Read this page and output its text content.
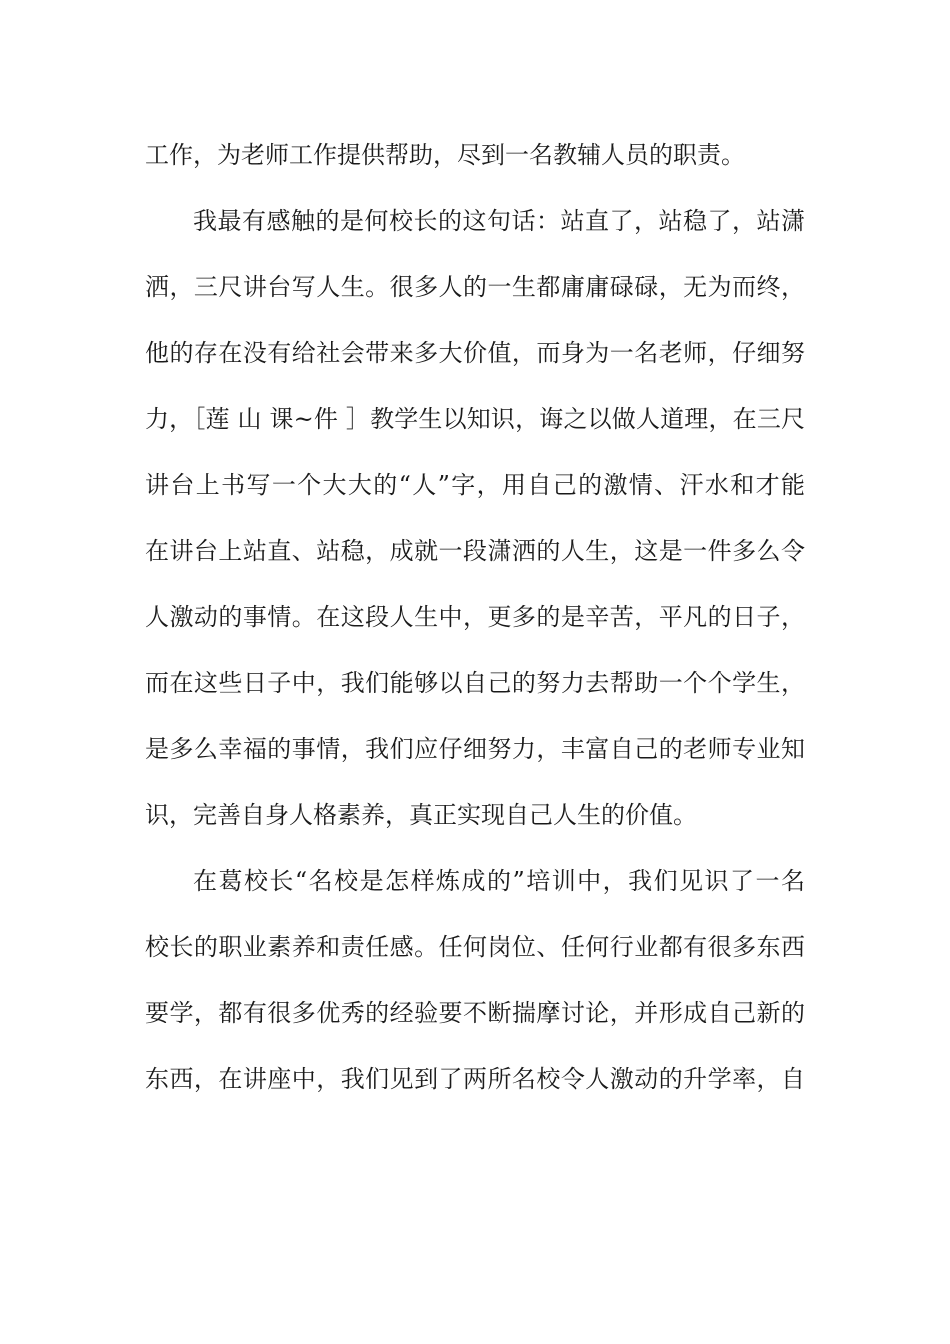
工作，为老师工作提供帮助，尽到一名教辅人员的职责。
我最有感触的是何校长的这句话：站直了，站稳了，站潇
洒，三尺讲台写人生。很多人的一生都庸庸碌碌，无为而终，
他的存在没有给社会带来多大价值，而身为一名老师，仔细努
力，［莲 山 课~件 ］教学生以知识，诲之以做人道理，在三尺
讲台上书写一个大大的“人”字，用自己的激情、汗水和才能
在讲台上站直、站稳，成就一段潇洒的人生，这是一件多么令
人激动的事情。在这段人生中，更多的是辛苦，平凡的日子，
而在这些日子中，我们能够以自己的努力去帮助一个个学生，
是多么幸福的事情，我们应仔细努力，丰富自己的老师专业知
识，完善自身人格素养，真正实现自己人生的价值。
在葛校长“名校是怎样炼成的”培训中，我们见识了一名
校长的职业素养和责任感。任何岗位、任何行业都有很多东西
要学，都有很多优秀的经验要不断揣摩讨论，并形成自己新的
东西，在讲座中，我们见到了两所名校令人激动的升学率，自
